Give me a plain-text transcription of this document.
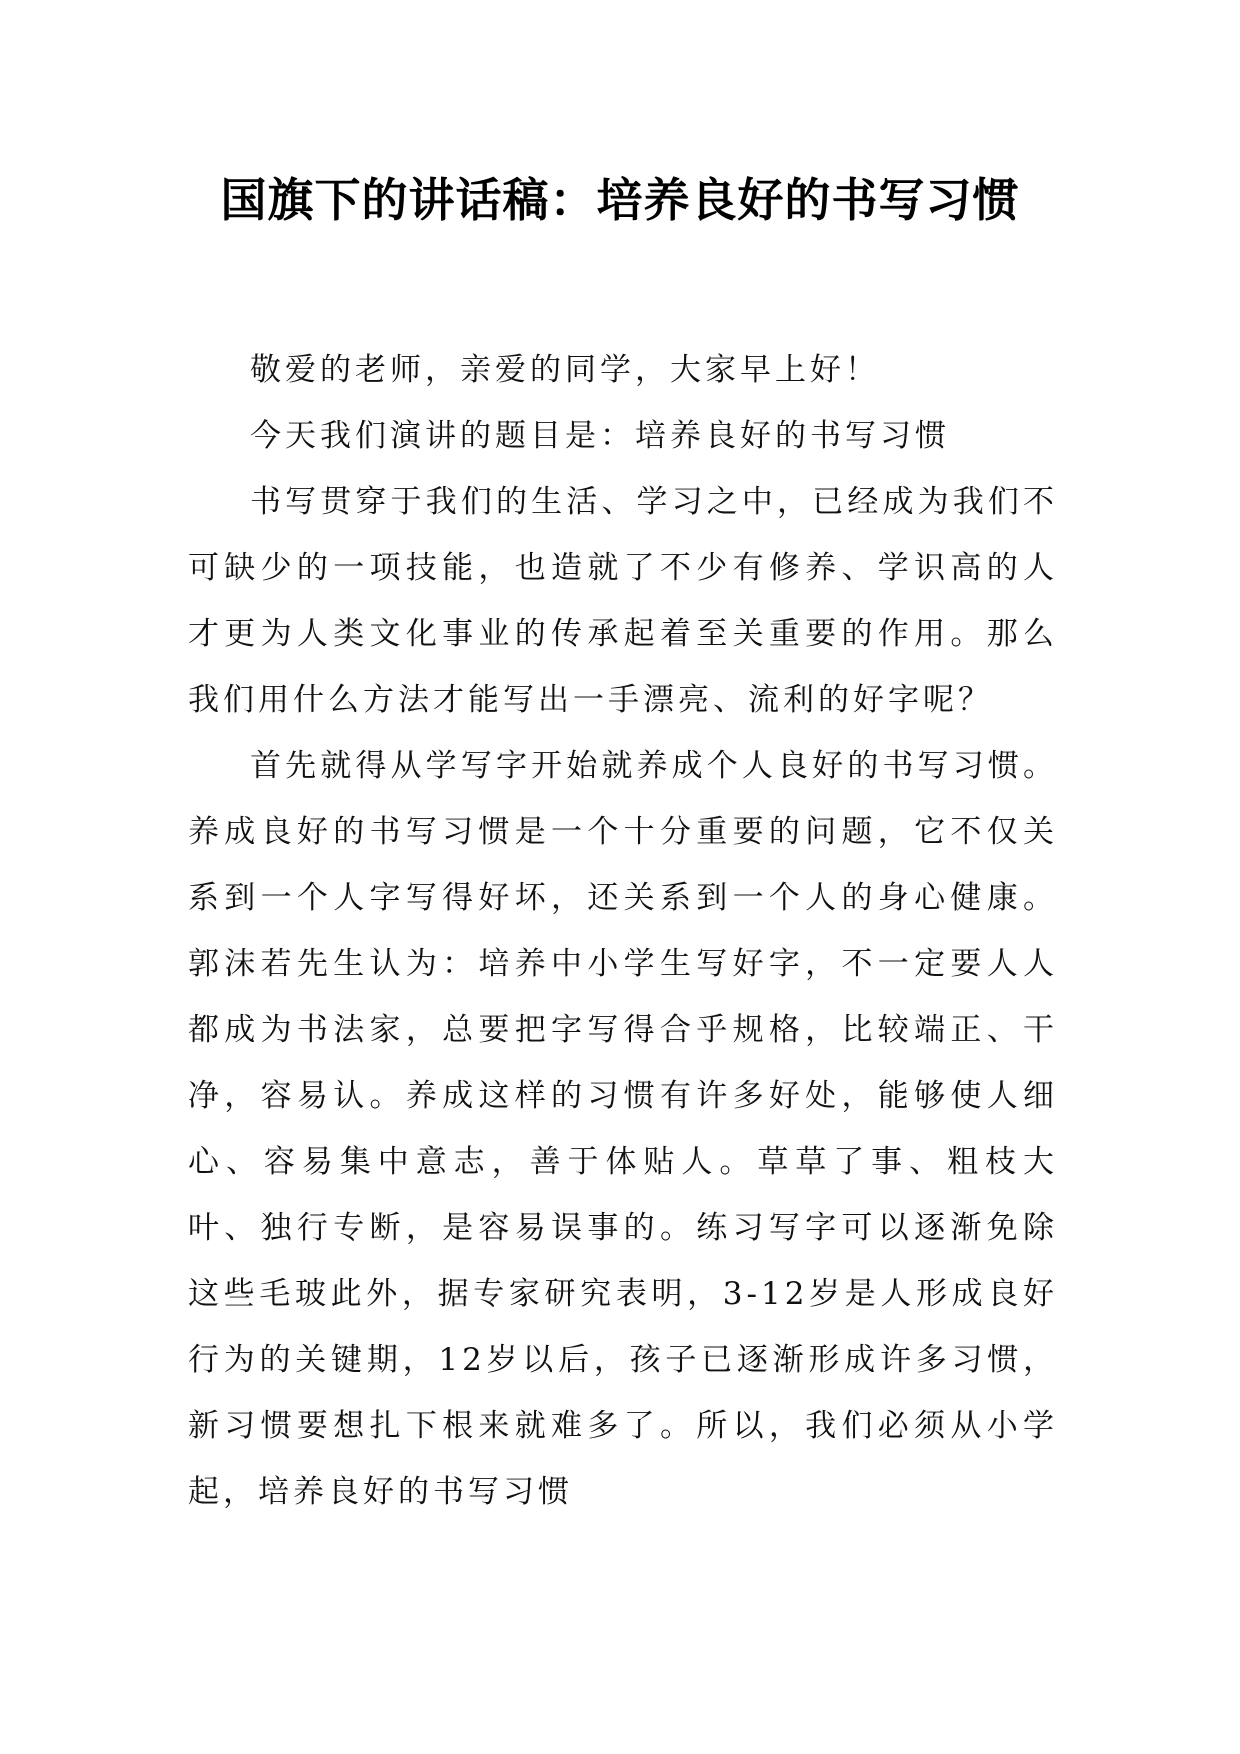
国旗下的讲话稿：培养良好的书写习惯

敬爱的老师，亲爱的同学，大家早上好！

今天我们演讲的题目是：培养良好的书写习惯

书写贯穿于我们的生活、学习之中，已经成为我们不可缺少的一项技能，也造就了不少有修养、学识高的人才更为人类文化事业的传承起着至关重要的作用。那么我们用什么方法才能写出一手漂亮、流利的好字呢？

首先就得从学写字开始就养成个人良好的书写习惯。养成良好的书写习惯是一个十分重要的问题，它不仅关系到一个人字写得好坏，还关系到一个人的身心健康。郭沫若先生认为：培养中小学生写好字，不一定要人人都成为书法家，总要把字写得合乎规格，比较端正、干净，容易认。养成这样的习惯有许多好处，能够使人细心、容易集中意志，善于体贴人。草草了事、粗枝大叶、独行专断，是容易误事的。练习写字可以逐渐免除这些毛玻此外，据专家研究表明，3-12岁是人形成良好行为的关键期，12岁以后，孩子已逐渐形成许多习惯，新习惯要想扎下根来就难多了。所以，我们必须从小学起，培养良好的书写习惯
